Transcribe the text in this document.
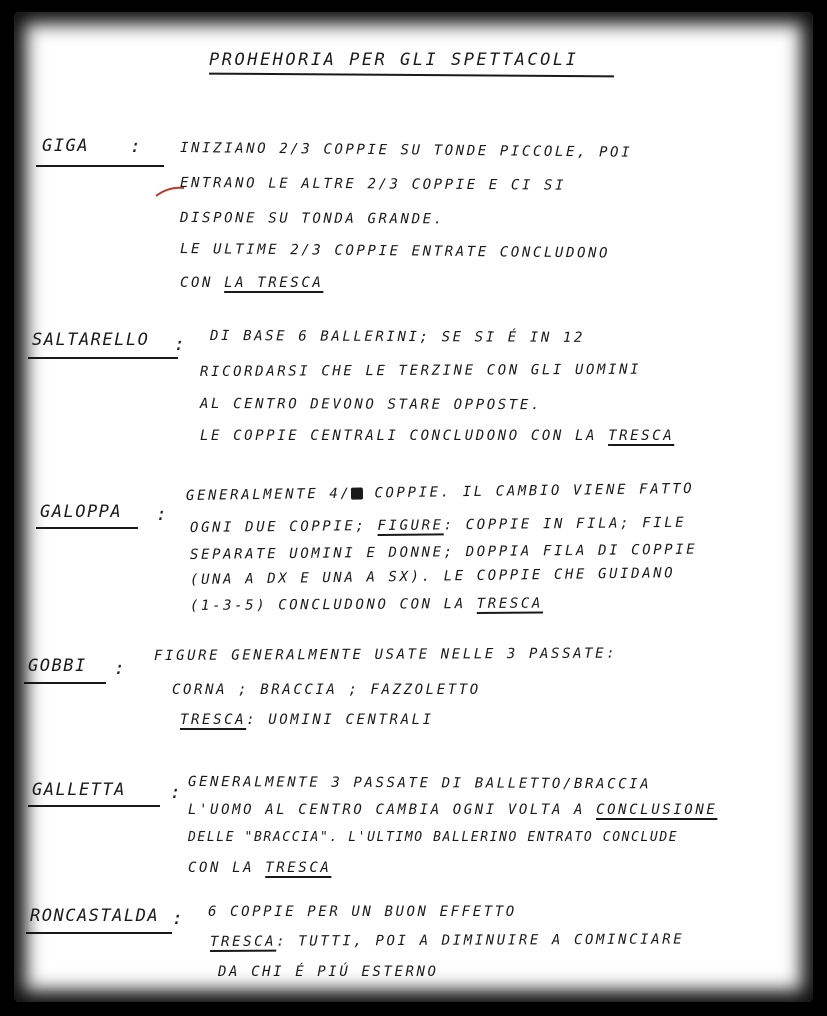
PROHEHORIA PER GLI SPETTACOLI
GIGA :	INIZIANO 2/3 COPPIE SU TONDE PICCOLE, POI
ENTRANO LE ALTRE 2/3 COPPIE E CI SI
DISPONE SU TONDA GRANDE.
LE ULTIME 2/3 COPPIE ENTRATE CONCLUDONO
CON LA TRESCA
SALTARELLO : DI BASE 6 BALLERINI; SE SI É IN 12
RICORDARSI CHE LE TERZINE CON GLI UOMINI
AL CENTRO DEVONO STARE OPPOSTE.
LE COPPIE CENTRALI CONCLUDONO CON LA TRESCA
GALOPPA :
GENERALMENTE 4/ COPPIE. IL CAMBIO VIENE FATTO
OGNI DUE COPPIE; FIGURE: COPPIE IN FILA; FILE
SEPARATE UOMINI E DONNE; DOPPIA FILA DI COPPIE
(UNA A DX E UNA A SX). LE COPPIE CHE GUIDANO
(1-3-5) CONCLUDONO CON LA TRESCA
GOBBI :
FIGURE GENERALMENTE USATE NELLE 3 PASSATE:
CORNA ; BRACCIA ; FAZZOLETTO
TRESCA: UOMINI CENTRALI
GALLETTA : GENERALMENTE 3 PASSATE DI BALLETTO/BRACCIA
L'UOMO AL CENTRO CAMBIA OGNI VOLTA A CONCLUSIONE
DELLE "BRACCIA". L'ULTIMO BALLERINO ENTRATO CONCLUDE
CON LA TRESCA
RONCASTALDA : 6 COPPIE PER UN BUON EFFETTO
TRESCA: TUTTI, POI A DIMINUIRE A COMINCIARE
DA CHI É PIÚ ESTERNO
